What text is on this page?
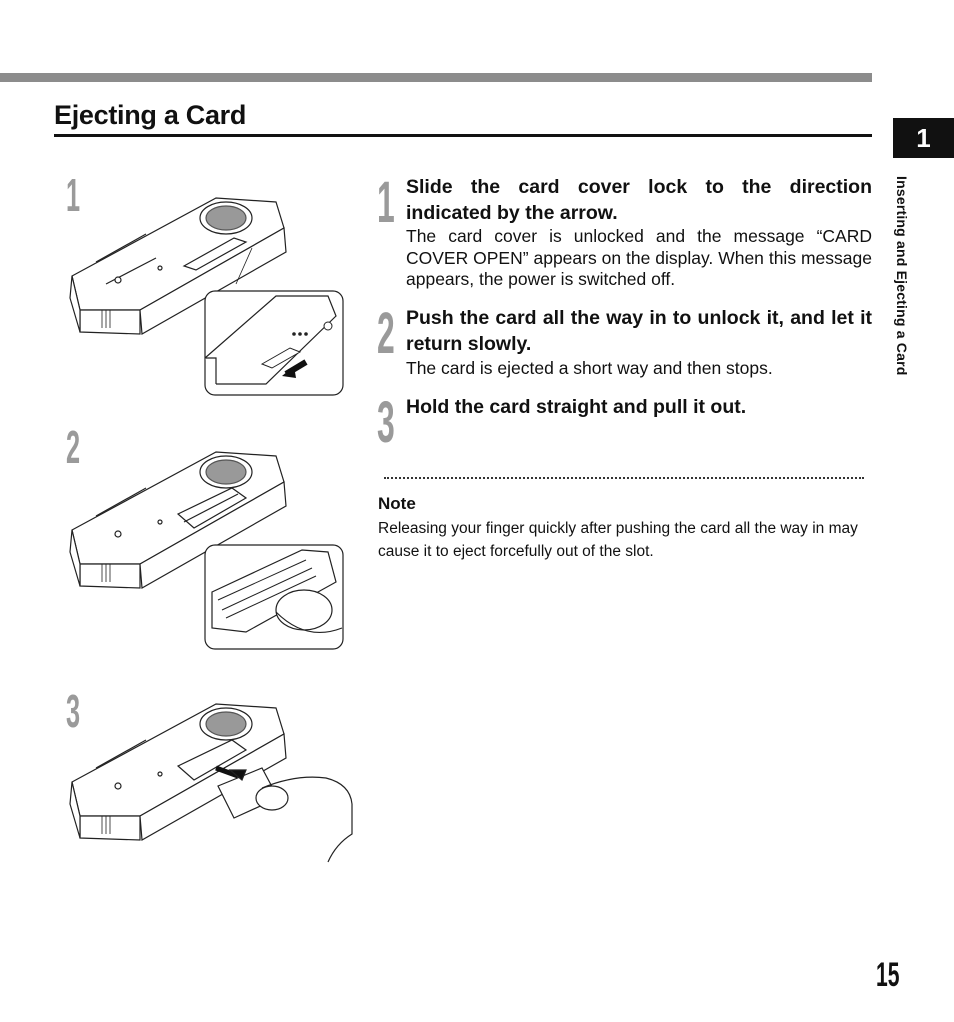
Ejecting a Card
1
Inserting and Ejecting a Card
1
2
3
1 Slide the card cover lock to the direction indicated by the arrow.
The card cover is unlocked and the message “CARD COVER OPEN” appears on the display. When this message appears, the power is switched off.
2 Push the card all the way in to unlock it, and let it return slowly.
The card is ejected a short way and then stops.
3 Hold the card straight and pull it out.
Note
Releasing your finger quickly after pushing the card all the way in may cause it to eject forcefully out of the slot.
15
